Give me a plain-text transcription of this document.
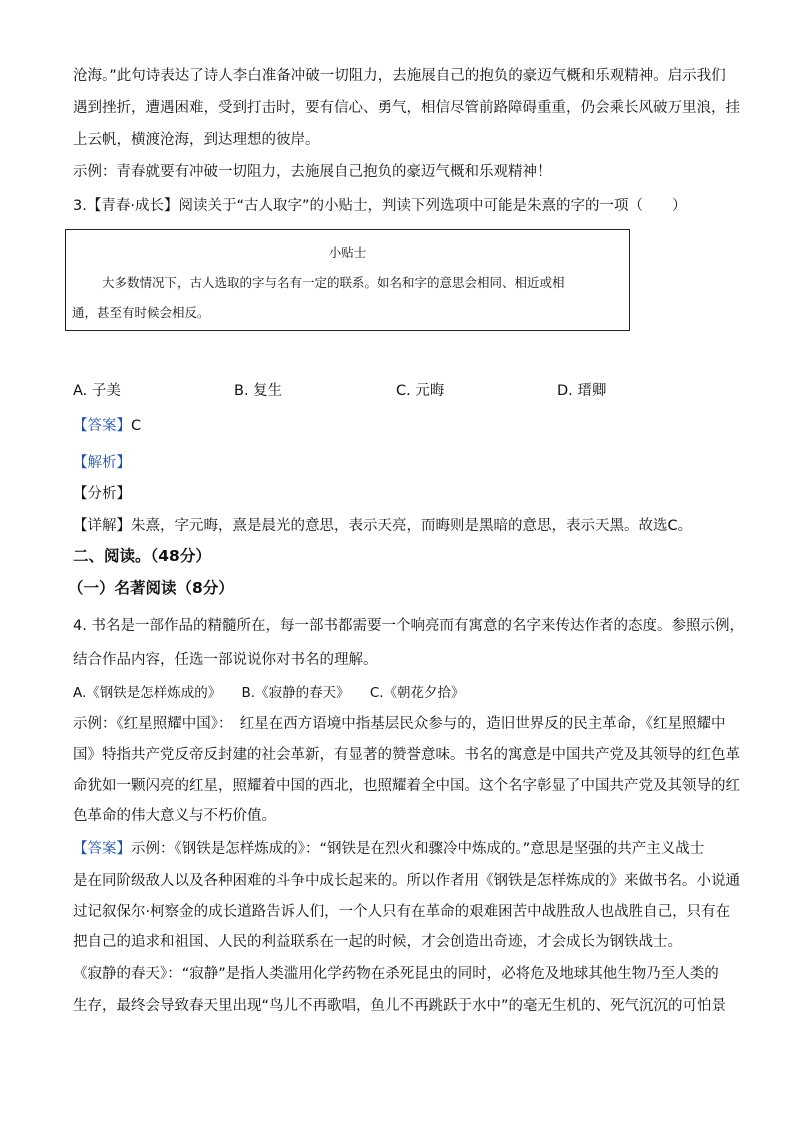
沧海。”此句诗表达了诗人李白准备冲破一切阻力，去施展自己的抱负的豪迈气概和乐观精神。启示我们
遇到挫折，遭遇困难，受到打击时，要有信心、勇气，相信尽管前路障碍重重，仍会乘长风破万里浪，挂
上云帆，横渡沧海，到达理想的彼岸。
示例：青春就要有冲破一切阻力，去施展自己抱负的豪迈气概和乐观精神！
3.【青春·成长】阅读关于“古人取字”的小贴士，判读下列选项中可能是朱熹的字的一项（　　）
小贴士
大多数情况下，古人选取的字与名有一定的联系。如名和字的意思会相同、相近或相
通，甚至有时候会相反。
A. 子美	B. 复生	C. 元晦	D. 瑨卿
【答案】C
【解析】
【分析】
【详解】朱熹，字元晦，熹是晨光的意思，表示天亮，而晦则是黑暗的意思，表示天黑。故选C。
二、阅读。（48分）
（一）名著阅读（8分）
4. 书名是一部作品的精髓所在，每一部书都需要一个响亮而有寓意的名字来传达作者的态度。参照示例，
结合作品内容，任选一部说说你对书名的理解。
A.《钢铁是怎样炼成的》　　B.《寂静的春天》　　C.《朝花夕拾》
示例：《红星照耀中国》：　红星在西方语境中指基层民众参与的，造旧世界反的民主革命，《红星照耀中
国》特指共产党反帝反封建的社会革新，有显著的赞誉意味。书名的寓意是中国共产党及其领导的红色革
命犹如一颗闪亮的红星，照耀着中国的西北，也照耀着全中国。这个名字彰显了中国共产党及其领导的红
色革命的伟大意义与不朽价值。
【答案】示例：《钢铁是怎样炼成的》：“钢铁是在烈火和骤冷中炼成的。”意思是坚强的共产主义战士
是在同阶级敌人以及各种困难的斗争中成长起来的。所以作者用《钢铁是怎样炼成的》来做书名。小说通
过记叙保尔·柯察金的成长道路告诉人们，一个人只有在革命的艰难困苦中战胜敌人也战胜自己，只有在
把自己的追求和祖国、人民的利益联系在一起的时候，才会创造出奇迹，才会成长为钢铁战士。
《寂静的春天》：“寂静”是指人类滥用化学药物在杀死昆虫的同时，必将危及地球其他生物乃至人类的
生存，最终会导致春天里出现“鸟儿不再歌唱，鱼儿不再跳跃于水中”的毫无生机的、死气沉沉的可怕景
